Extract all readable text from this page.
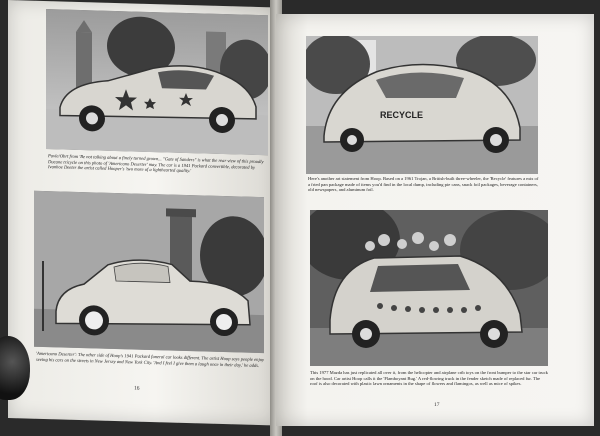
Pavle/Obrt from 'Be not talking about a finely turned grown... "Gate of Sanders" is what the rear view of this proudly Ducane tricycle on this photo of 'Americano Deserter' may. The car is a 1941 Packard convertible, decorated by Ivanhoe Deeter the artist called Hooper's 'two more of a lighthearted quality.'

'Americano Deserter': The other side of Hoop's 1941 Packard funeral car looks different. The artist Hoop says people enjoy seeing his cars on the streets in New Jersey and New York City. 'And I feel I give them a laugh once in their day,' he adds.

16
RECYCLE

Here's another art statement from Hoop. Based on a 1961 Trojan, a British-built three-wheeler, the 'Recycle' features a mix of a fried pan package made of items you'd find in the local dump, including pie cans, snack foil packages, beverage containers, old newspapers, and aluminum foil.

This 1977 Mazda has just replicated all over it, from the helicopter and airplane crib toys on the front bumper to the star car truck on the hood. Car artist Hoop calls it the 'Flamboyant Bug.' A red-flowing truck in the fender sketch made of replaced fur. The roof is also decorated with plastic lawn ornaments in the shape of flowers and flamingos, as well as mice of spikes.

17
